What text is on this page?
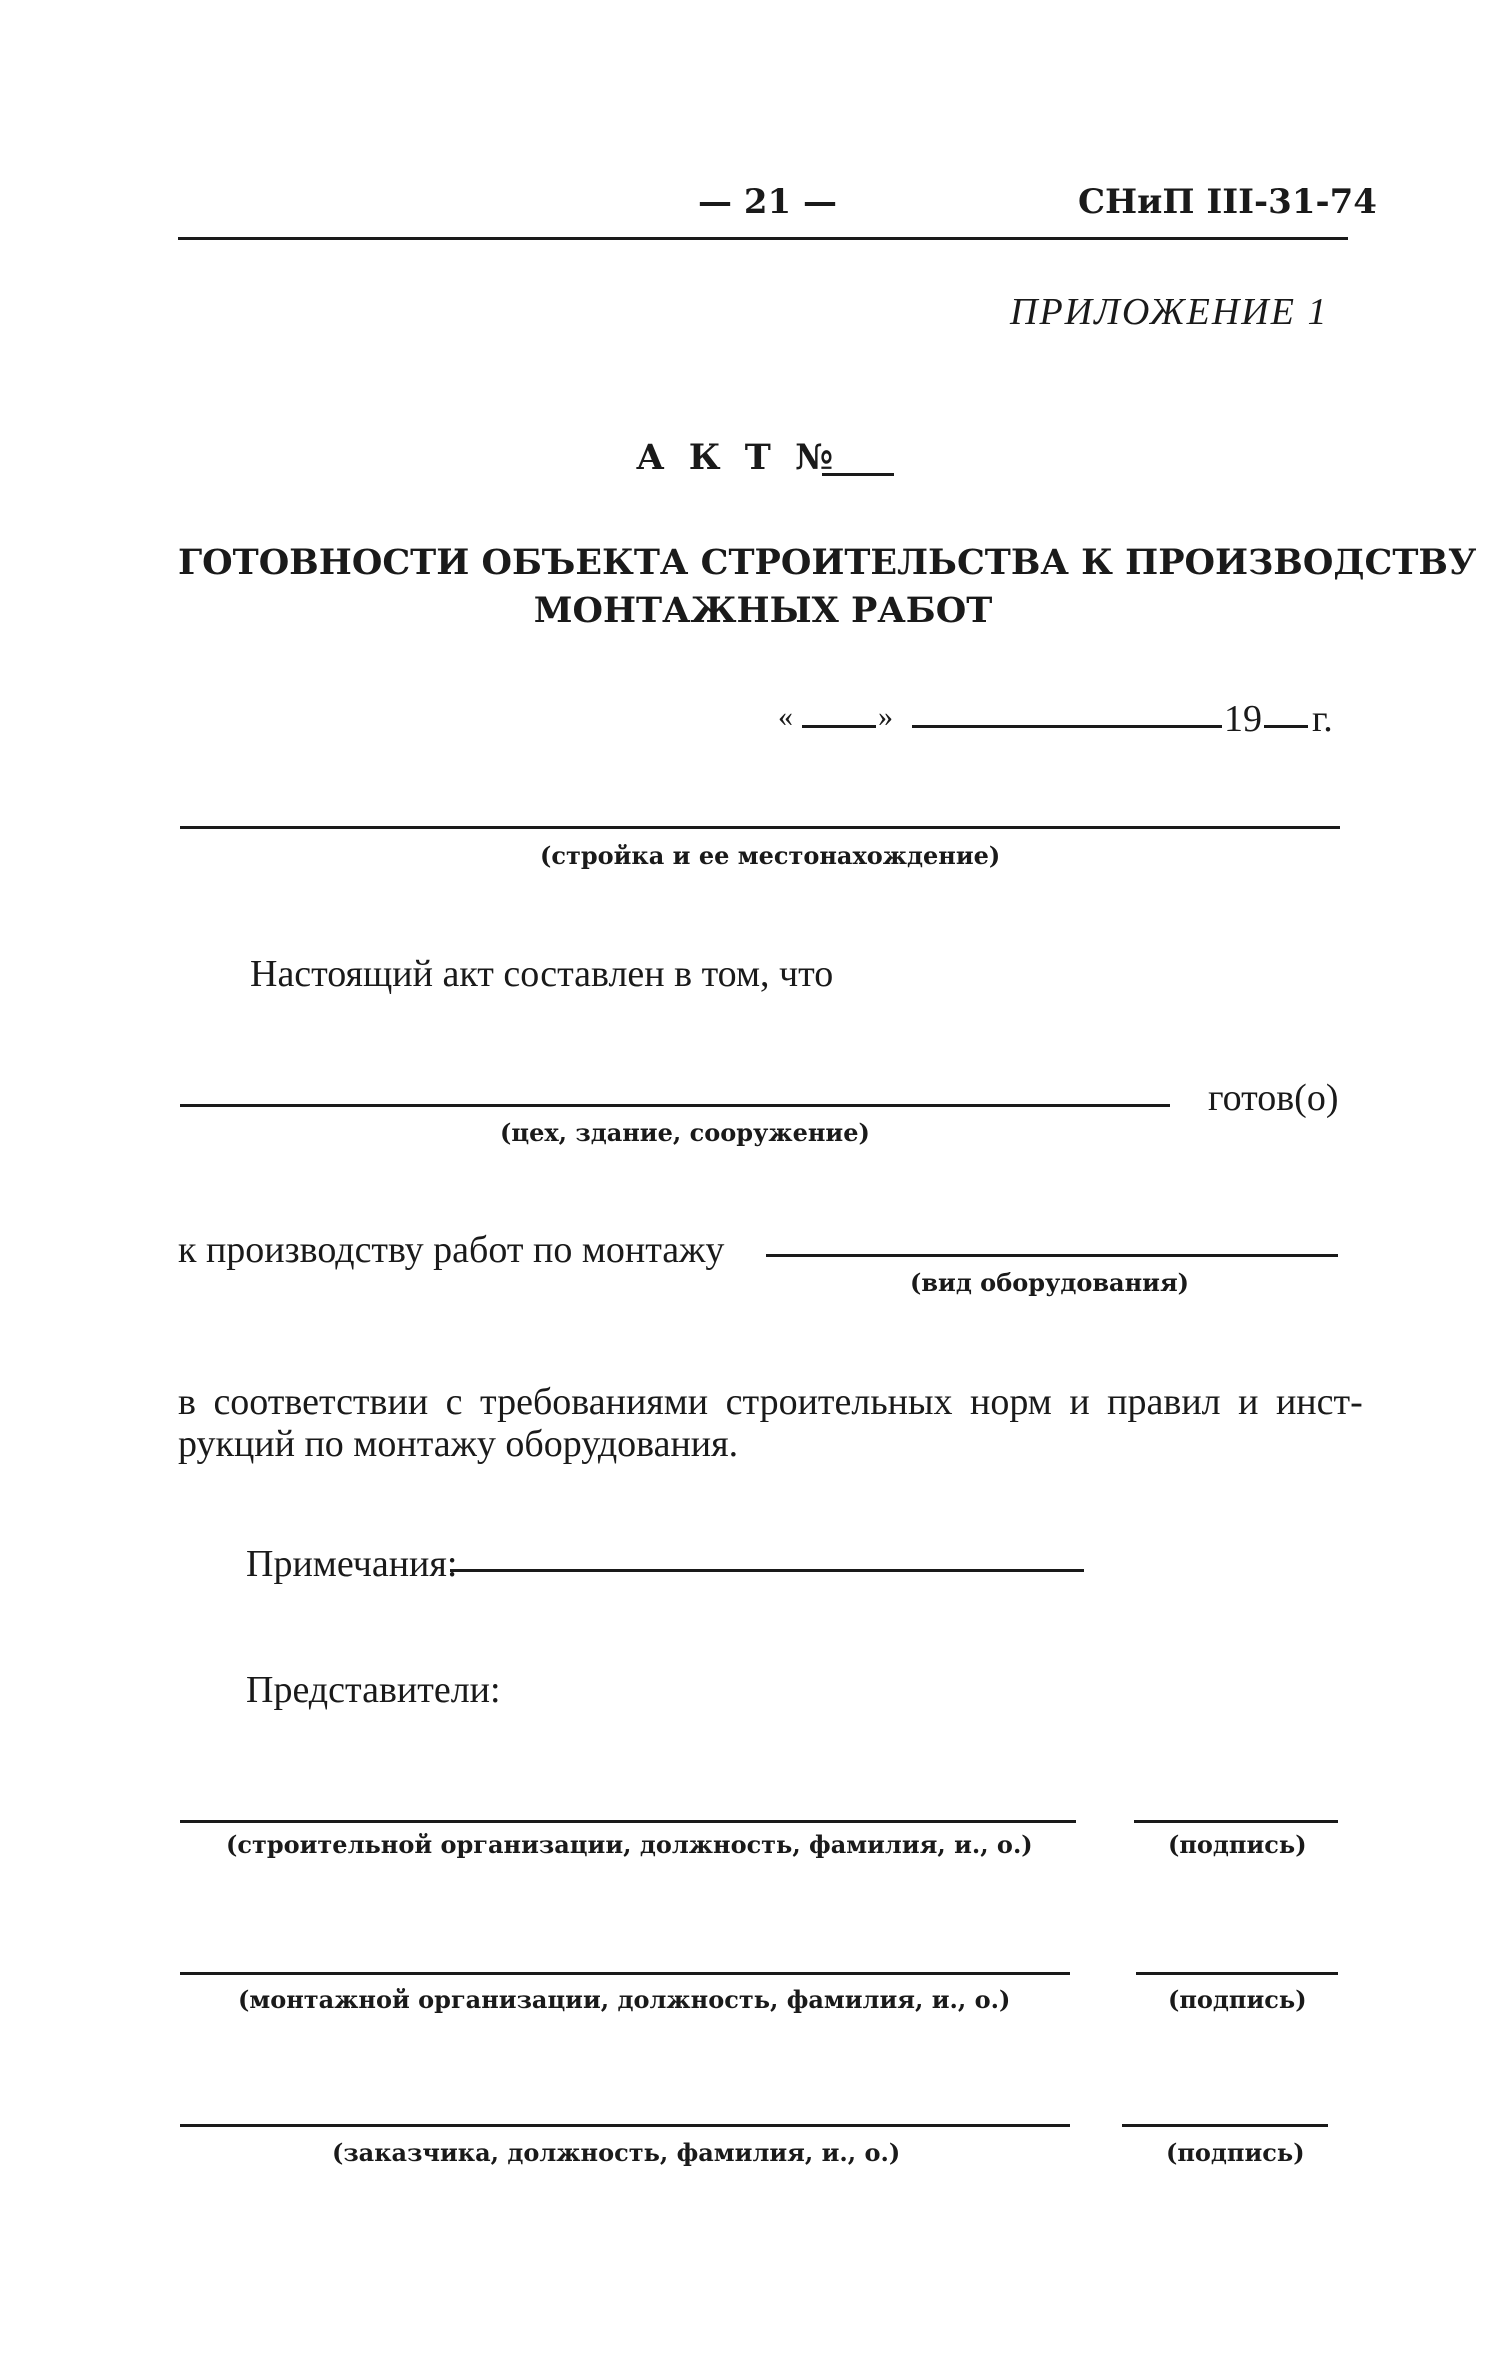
— 21 —	СНиП III-31-74
ПРИЛОЖЕНИЕ 1
А К Т №
ГОТОВНОСТИ ОБЪЕКТА СТРОИТЕЛЬСТВА К ПРОИЗВОДСТВУ
МОНТАЖНЫХ РАБОТ
«	»	19 г.
(стройка и ее местонахождение)
Настоящий акт составлен в том, что
готов(о)
(цех, здание, сооружение)
к производству работ по монтажу
(вид оборудования)
в соответствии с требованиями строительных норм и правил и инст-
рукций по монтажу оборудования.
Примечания:
Представители:
(строительной организации, должность, фамилия, и., о.)	(подпись)
(монтажной организации, должность, фамилия, и., о.)	(подпись)
(заказчика, должность, фамилия, и., о.)	(подпись)
